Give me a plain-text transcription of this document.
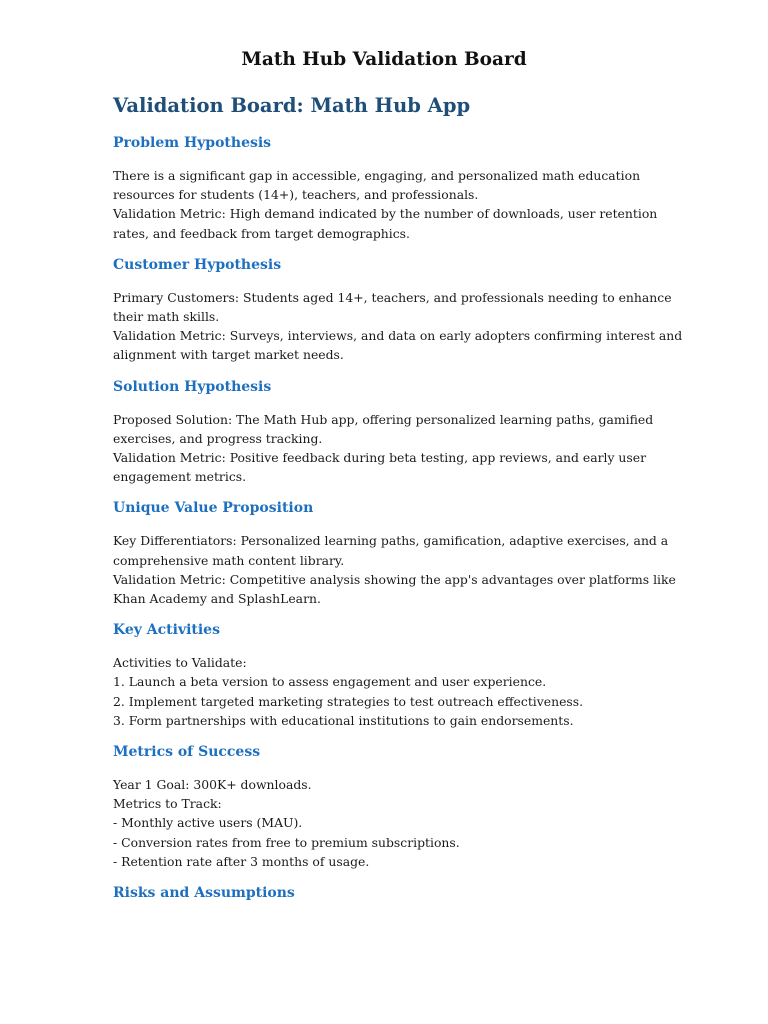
Math Hub Validation Board
Validation Board: Math Hub App
Problem Hypothesis

There is a significant gap in accessible, engaging, and personalized math education
resources for students (14+), teachers, and professionals.
Validation Metric: High demand indicated by the number of downloads, user retention
rates, and feedback from target demographics.

Customer Hypothesis

Primary Customers: Students aged 14+, teachers, and professionals needing to enhance
their math skills.
Validation Metric: Surveys, interviews, and data on early adopters confirming interest and
alignment with target market needs.

Solution Hypothesis

Proposed Solution: The Math Hub app, offering personalized learning paths, gamified
exercises, and progress tracking.
Validation Metric: Positive feedback during beta testing, app reviews, and early user
engagement metrics.

Unique Value Proposition

Key Differentiators: Personalized learning paths, gamification, adaptive exercises, and a
comprehensive math content library.
Validation Metric: Competitive analysis showing the app's advantages over platforms like
Khan Academy and SplashLearn.

Key Activities

Activities to Validate:
1. Launch a beta version to assess engagement and user experience.
2. Implement targeted marketing strategies to test outreach effectiveness.
3. Form partnerships with educational institutions to gain endorsements.

Metrics of Success

Year 1 Goal: 300K+ downloads.
Metrics to Track:
- Monthly active users (MAU).
- Conversion rates from free to premium subscriptions.
- Retention rate after 3 months of usage.

Risks and Assumptions
